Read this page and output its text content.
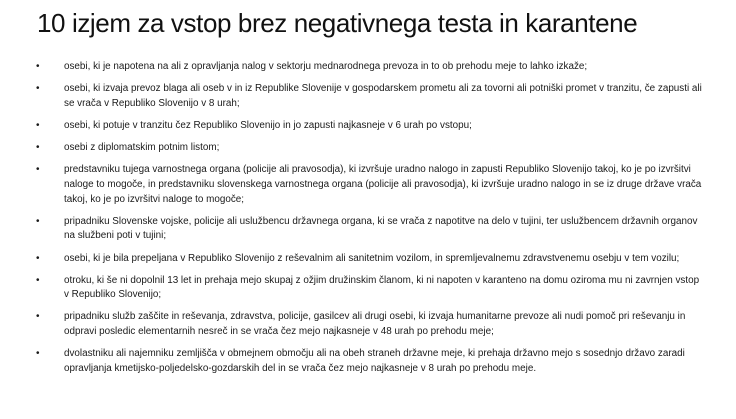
10 izjem za vstop brez negativnega testa in karantene
• osebi, ki je napotena na ali z opravljanja nalog v sektorju mednarodnega prevoza in to ob prehodu meje to lahko izkaže;
• osebi, ki izvaja prevoz blaga ali oseb v in iz Republike Slovenije v gospodarskem prometu ali za tovorni ali potniški promet v tranzitu, če zapusti ali se vrača v Republiko Slovenijo v 8 urah;
• osebi, ki potuje v tranzitu čez Republiko Slovenijo in jo zapusti najkasneje v 6 urah po vstopu;
• osebi z diplomatskim potnim listom;
• predstavniku tujega varnostnega organa (policije ali pravosodja), ki izvršuje uradno nalogo in zapusti Republiko Slovenijo takoj, ko je po izvršitvi naloge to mogoče, in predstavniku slovenskega varnostnega organa (policije ali pravosodja), ki izvršuje uradno nalogo in se iz druge države vrača takoj, ko je po izvršitvi naloge to mogoče;
• pripadniku Slovenske vojske, policije ali uslužbencu državnega organa, ki se vrača z napotitve na delo v tujini, ter uslužbencem državnih organov na službeni poti v tujini;
• osebi, ki je bila prepeljana v Republiko Slovenijo z reševalnim ali sanitetnim vozilom, in spremljevalnemu zdravstvenemu osebju v tem vozilu;
• otroku, ki še ni dopolnil 13 let in prehaja mejo skupaj z ožjim družinskim članom, ki ni napoten v karanteno na domu oziroma mu ni zavrnjen vstop v Republiko Slovenijo;
• pripadniku služb zaščite in reševanja, zdravstva, policije, gasilcev ali drugi osebi, ki izvaja humanitarne prevoze ali nudi pomoč pri reševanju in odpravi posledic elementarnih nesreč in se vrača čez mejo najkasneje v 48 urah po prehodu meje;
• dvolastniku ali najemniku zemljišča v obmejnem območju ali na obeh straneh državne meje, ki prehaja državno mejo s sosednjo državo zaradi opravljanja kmetijsko-poljedelsko-gozdarskih del in se vrača čez mejo najkasneje v 8 urah po prehodu meje.
